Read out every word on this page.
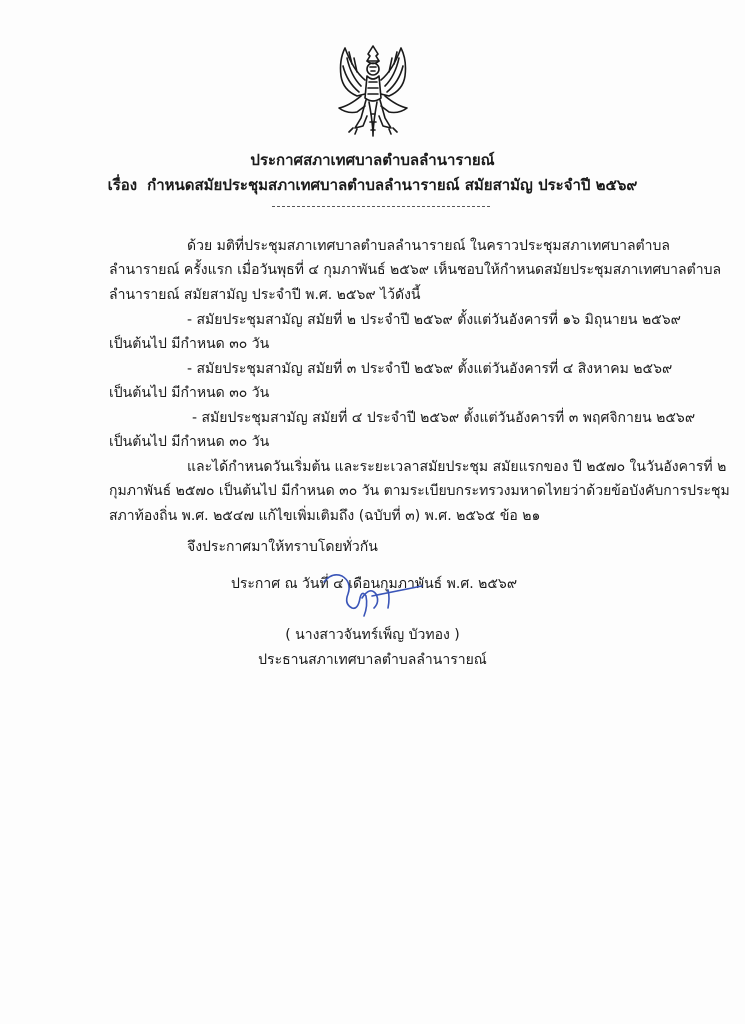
ประกาศสภาเทศบาลตำบลลำนารายณ์
เรื่อง กำหนดสมัยประชุมสภาเทศบาลตำบลลำนารายณ์ สมัยสามัญ ประจำปี ๒๕๖๙
ด้วย มติที่ประชุมสภาเทศบาลตำบลลำนารายณ์ ในคราวประชุมสภาเทศบาลตำบล
ลำนารายณ์ ครั้งแรก เมื่อวันพุธที่ ๔ กุมภาพันธ์ ๒๕๖๙ เห็นชอบให้กำหนดสมัยประชุมสภาเทศบาลตำบล
ลำนารายณ์ สมัยสามัญ ประจำปี พ.ศ. ๒๕๖๙ ไว้ดังนี้
- สมัยประชุมสามัญ สมัยที่ ๒ ประจำปี ๒๕๖๙ ตั้งแต่วันอังคารที่ ๑๖ มิถุนายน ๒๕๖๙
เป็นต้นไป มีกำหนด ๓๐ วัน
- สมัยประชุมสามัญ สมัยที่ ๓ ประจำปี ๒๕๖๙ ตั้งแต่วันอังคารที่ ๔ สิงหาคม ๒๕๖๙
เป็นต้นไป มีกำหนด ๓๐ วัน
- สมัยประชุมสามัญ สมัยที่ ๔ ประจำปี ๒๕๖๙ ตั้งแต่วันอังคารที่ ๓ พฤศจิกายน ๒๕๖๙
เป็นต้นไป มีกำหนด ๓๐ วัน
และได้กำหนดวันเริ่มต้น และระยะเวลาสมัยประชุม สมัยแรกของ ปี ๒๕๗๐ ในวันอังคารที่ ๒
กุมภาพันธ์ ๒๕๗๐ เป็นต้นไป มีกำหนด ๓๐ วัน ตามระเบียบกระทรวงมหาดไทยว่าด้วยข้อบังคับการประชุม
สภาท้องถิ่น พ.ศ. ๒๕๔๗ แก้ไขเพิ่มเติมถึง (ฉบับที่ ๓) พ.ศ. ๒๕๖๕ ข้อ ๒๑
จึงประกาศมาให้ทราบโดยทั่วกัน
ประกาศ ณ วันที่ ๔ เดือนกุมภาพันธ์ พ.ศ. ๒๕๖๙
( นางสาวจันทร์เพ็ญ บัวทอง )
ประธานสภาเทศบาลตำบลลำนารายณ์
